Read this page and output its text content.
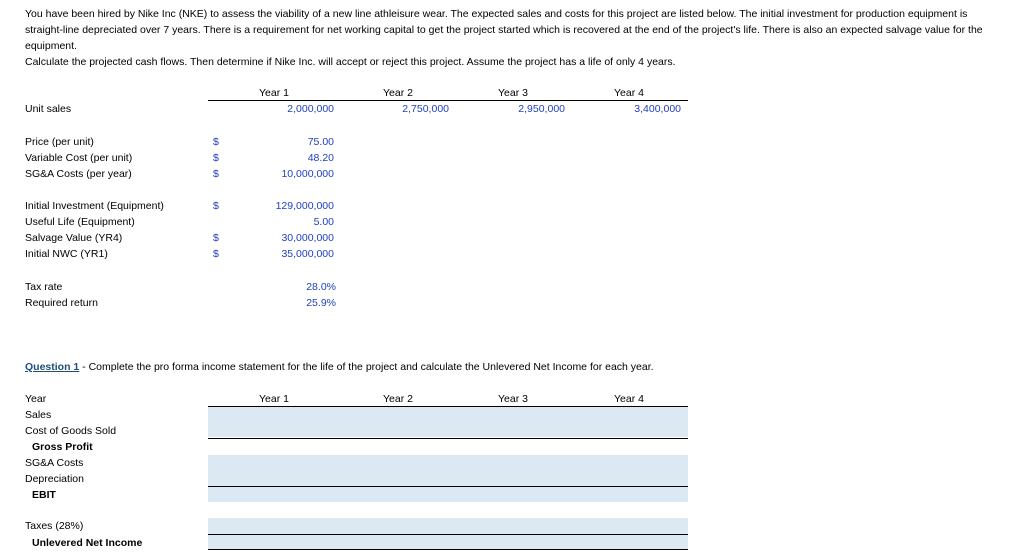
You have been hired by Nike Inc (NKE) to assess the viability of a new line athleisure wear. The expected sales and costs for this project are listed below. The initial investment for production equipment is straight-line depreciated over 7 years. There is a requirement for net working capital to get the project started which is recovered at the end of the project's life. There is also an expected salvage value for the equipment.
Calculate the projected cash flows. Then determine if Nike Inc. will accept or reject this project. Assume the project has a life of only 4 years.
Year 1	Year 2	Year 3	Year 4
Unit sales	2,000,000	2,750,000	2,950,000	3,400,000
Price (per unit)	$	75.00
Variable Cost (per unit)	$	48.20
SG&A Costs (per year)	$	10,000,000
Initial Investment (Equipment)	$	129,000,000
Useful Life (Equipment)	5.00
Salvage Value (YR4)	$	30,000,000
Initial NWC (YR1)	$	35,000,000
Tax rate	28.0%
Required return	25.9%
Question 1 - Complete the pro forma income statement for the life of the project and calculate the Unlevered Net Income for each year.
Year	Year 1	Year 2	Year 3	Year 4
Sales
Cost of Goods Sold
Gross Profit
SG&A Costs
Depreciation
EBIT
Taxes (28%)
Unlevered Net Income
